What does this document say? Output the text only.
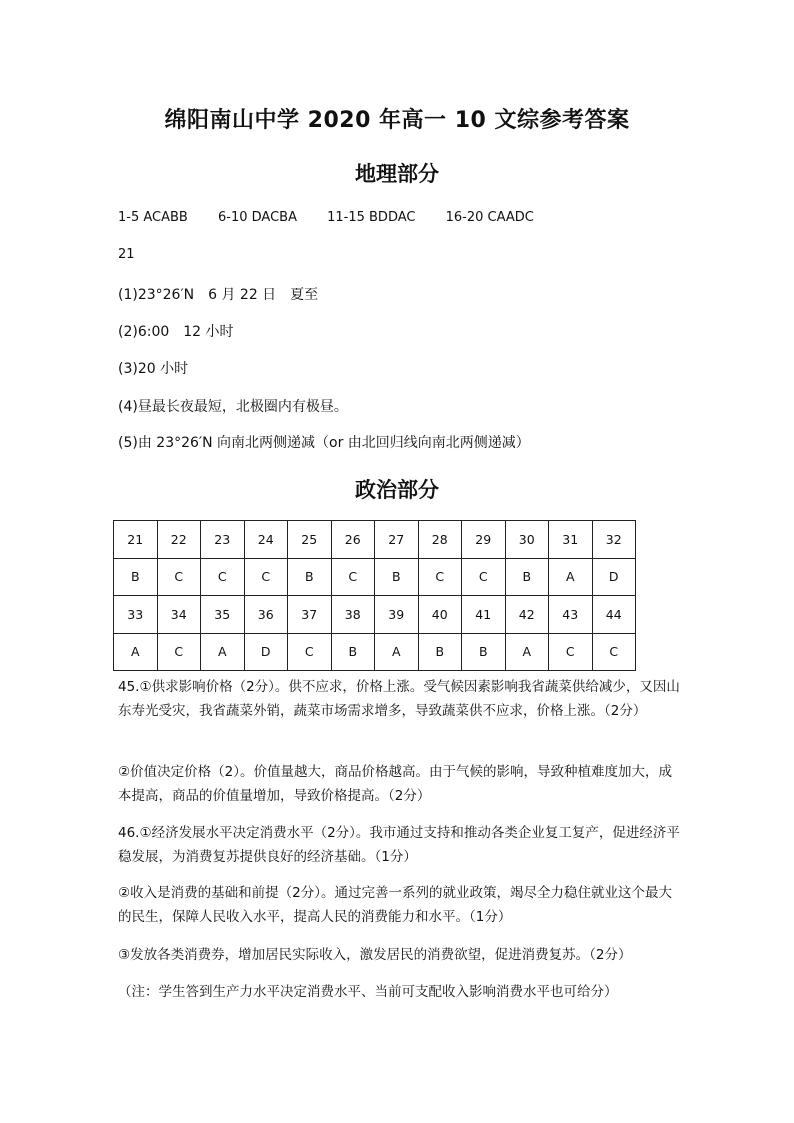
绵阳南山中学 2020 年高一 10 文综参考答案
地理部分
1-5 ACABB 6-10 DACBA 11-15 BDDAC 16-20 CAADC
21
(1)23°26′N　6 月 22 日　夏至
(2)6:00　12 小时
(3)20 小时
(4)昼最长夜最短，北极圈内有极昼。
(5)由 23°26′N 向南北两侧递减（or 由北回归线向南北两侧递减）
政治部分
21	22	23	24	25	26	27	28	29	30	31	32
B	C	C	C	B	C	B	C	C	B	A	D
33	34	35	36	37	38	39	40	41	42	43	44
A	C	A	D	C	B	A	B	B	A	C	C
45.①供求影响价格（2分）。供不应求，价格上涨。受气候因素影响我省蔬菜供给减少，又因山东寿光受灾，我省蔬菜外销，蔬菜市场需求增多，导致蔬菜供不应求，价格上涨。（2分）
②价值决定价格（2）。价值量越大，商品价格越高。由于气候的影响，导致种植难度加大，成本提高，商品的价值量增加，导致价格提高。（2分）
46.①经济发展水平决定消费水平（2分）。我市通过支持和推动各类企业复工复产，促进经济平稳发展，为消费复苏提供良好的经济基础。（1分）
②收入是消费的基础和前提（2分）。通过完善一系列的就业政策，竭尽全力稳住就业这个最大的民生，保障人民收入水平，提高人民的消费能力和水平。（1分）
③发放各类消费券，增加居民实际收入，激发居民的消费欲望，促进消费复苏。（2分）
（注：学生答到生产力水平决定消费水平、当前可支配收入影响消费水平也可给分）
